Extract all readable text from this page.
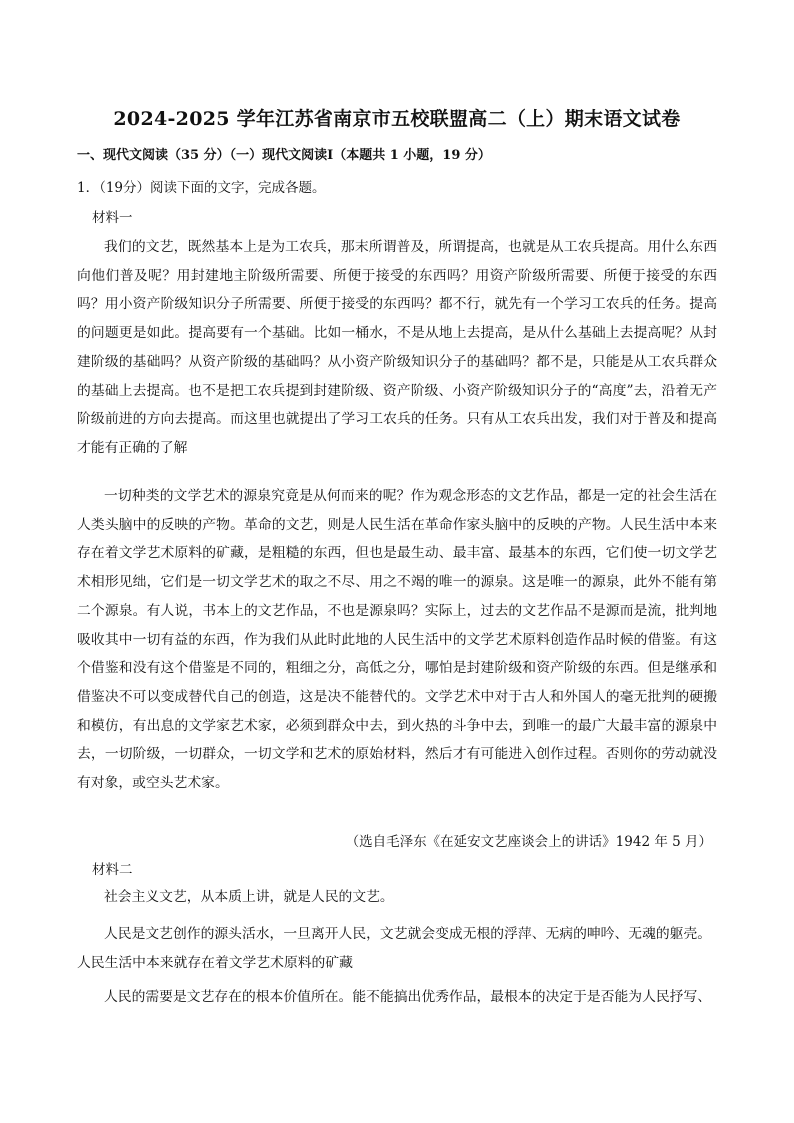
2024-2025 学年江苏省南京市五校联盟高二（上）期末语文试卷
一、现代文阅读（35 分）（一）现代文阅读Ⅰ（本题共 1 小题，19 分）
1．（19分）阅读下面的文字，完成各题。
材料一

我们的文艺，既然基本上是为工农兵，那末所谓普及，所谓提高，也就是从工农兵提高。用什么东西向他们普及呢？用封建地主阶级所需要、所便于接受的东西吗？用资产阶级所需要、所便于接受的东西吗？用小资产阶级知识分子所需要、所便于接受的东西吗？都不行，就先有一个学习工农兵的任务。提高的问题更是如此。提高要有一个基础。比如一桶水，不是从地上去提高，是从什么基础上去提高呢？从封建阶级的基础吗？从资产阶级的基础吗？从小资产阶级知识分子的基础吗？都不是，只能是从工农兵群众的基础上去提高。也不是把工农兵提到封建阶级、资产阶级、小资产阶级知识分子的“高度”去，沿着无产阶级前进的方向去提高。而这里也就提出了学习工农兵的任务。只有从工农兵出发，我们对于普及和提高才能有正确的了解

一切种类的文学艺术的源泉究竟是从何而来的呢？作为观念形态的文艺作品，都是一定的社会生活在人类头脑中的反映的产物。革命的文艺，则是人民生活在革命作家头脑中的反映的产物。人民生活中本来存在着文学艺术原料的矿藏，是粗糙的东西，但也是最生动、最丰富、最基本的东西，它们使一切文学艺术相形见绌，它们是一切文学艺术的取之不尽、用之不竭的唯一的源泉。这是唯一的源泉，此外不能有第二个源泉。有人说，书本上的文艺作品，不也是源泉吗？实际上，过去的文艺作品不是源而是流，批判地吸收其中一切有益的东西，作为我们从此时此地的人民生活中的文学艺术原料创造作品时候的借鉴。有这个借鉴和没有这个借鉴是不同的，粗细之分，高低之分，哪怕是封建阶级和资产阶级的东西。但是继承和借鉴决不可以变成替代自己的创造，这是决不能替代的。文学艺术中对于古人和外国人的毫无批判的硬搬和模仿，有出息的文学家艺术家，必须到群众中去，到火热的斗争中去，到唯一的最广大最丰富的源泉中去，一切阶级，一切群众，一切文学和艺术的原始材料，然后才有可能进入创作过程。否则你的劳动就没有对象，或空头艺术家。

（选自毛泽东《在延安文艺座谈会上的讲话》1942 年 5 月）
材料二

社会主义文艺，从本质上讲，就是人民的文艺。

人民是文艺创作的源头活水，一旦离开人民，文艺就会变成无根的浮萍、无病的呻吟、无魂的躯壳。

人民生活中本来就存在着文学艺术原料的矿藏

人民的需要是文艺存在的根本价值所在。能不能搞出优秀作品，最根本的决定于是否能为人民抒写、
